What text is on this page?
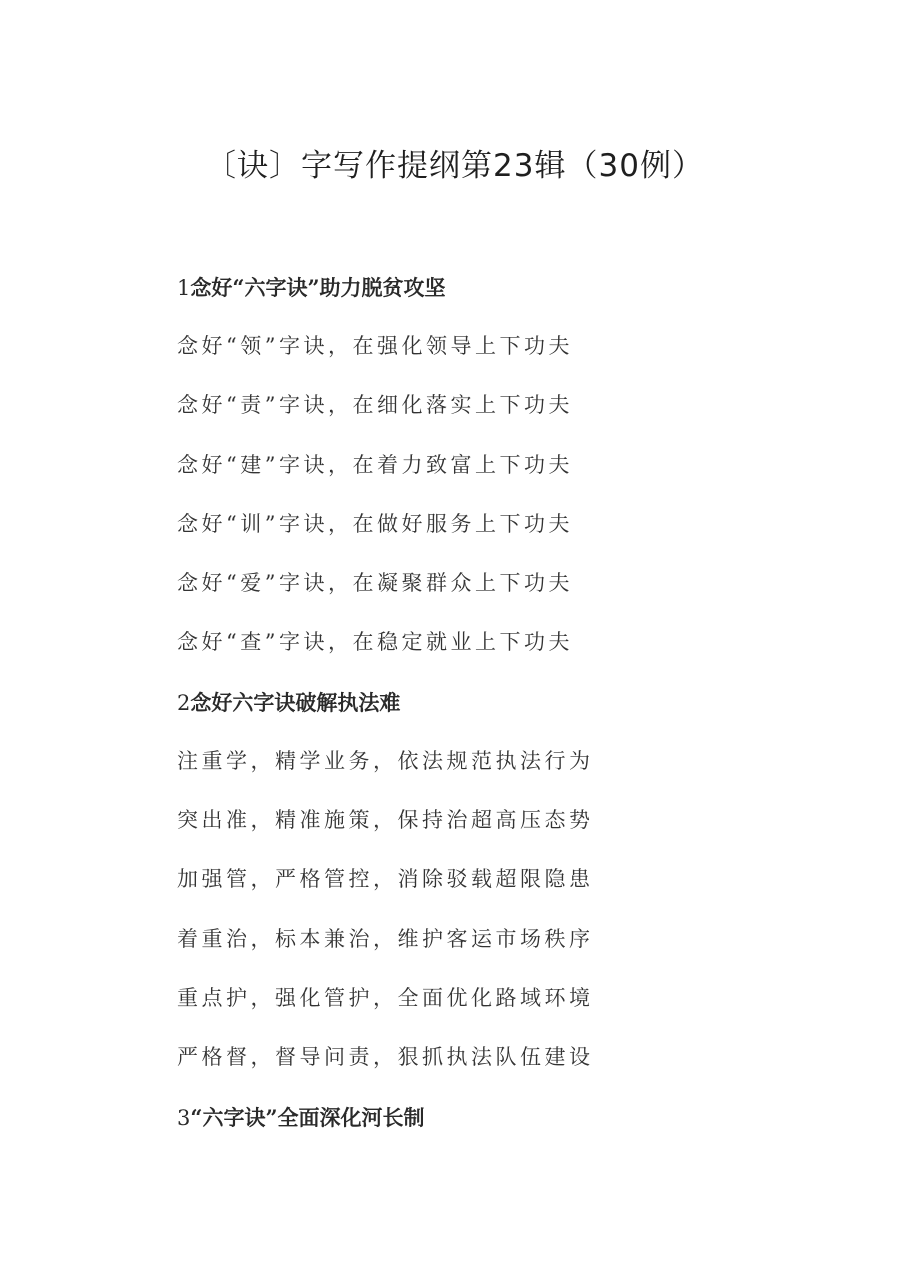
〔诀〕字写作提纲第23辑（30例）

1念好“六字诀”助力脱贫攻坚

念好“领”字诀，在强化领导上下功夫

念好“责”字诀，在细化落实上下功夫

念好“建”字诀，在着力致富上下功夫

念好“训”字诀，在做好服务上下功夫

念好“爱”字诀，在凝聚群众上下功夫

念好“查”字诀，在稳定就业上下功夫

2念好六字诀破解执法难

注重学，精学业务，依法规范执法行为

突出准，精准施策，保持治超高压态势

加强管，严格管控，消除驳载超限隐患

着重治，标本兼治，维护客运市场秩序

重点护，强化管护，全面优化路域环境

严格督，督导问责，狠抓执法队伍建设

3“六字诀”全面深化河长制
